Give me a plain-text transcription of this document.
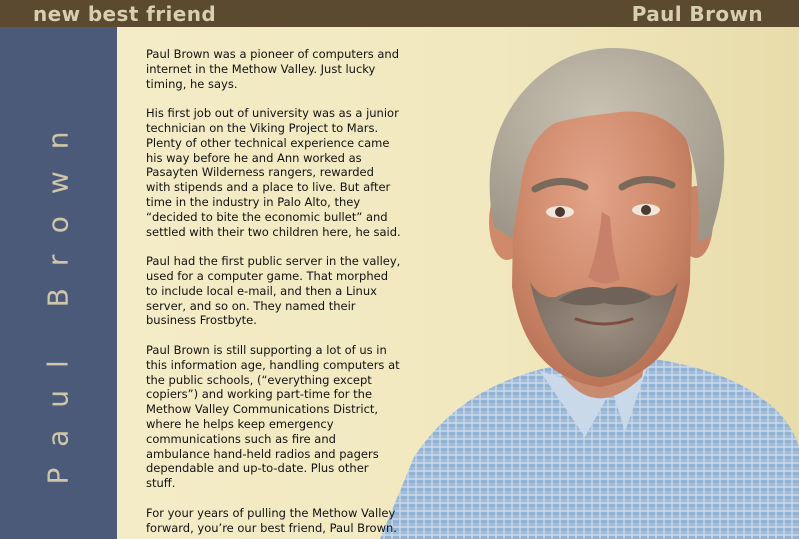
new best friend	Paul Brown
Paul Brown

Paul Brown was a pioneer of computers and internet in the Methow Valley. Just lucky timing, he says.

His first job out of university was as a junior technician on the Viking Project to Mars. Plenty of other technical experience came his way before he and Ann worked as Pasayten Wilderness rangers, rewarded with stipends and a place to live. But after time in the industry in Palo Alto, they “decided to bite the economic bullet” and settled with their two children here, he said.

Paul had the first public server in the valley, used for a computer game. That morphed to include local e-mail, and then a Linux server, and so on. They named their business Frostbyte.

Paul Brown is still supporting a lot of us in this information age, handling computers at the public schools, (“everything except copiers”) and working part-time for the Methow Valley Communications District, where he helps keep emergency communications such as fire and ambulance hand-held radios and pagers dependable and up-to-date. Plus other stuff.

For your years of pulling the Methow Valley forward, you’re our best friend, Paul Brown.
